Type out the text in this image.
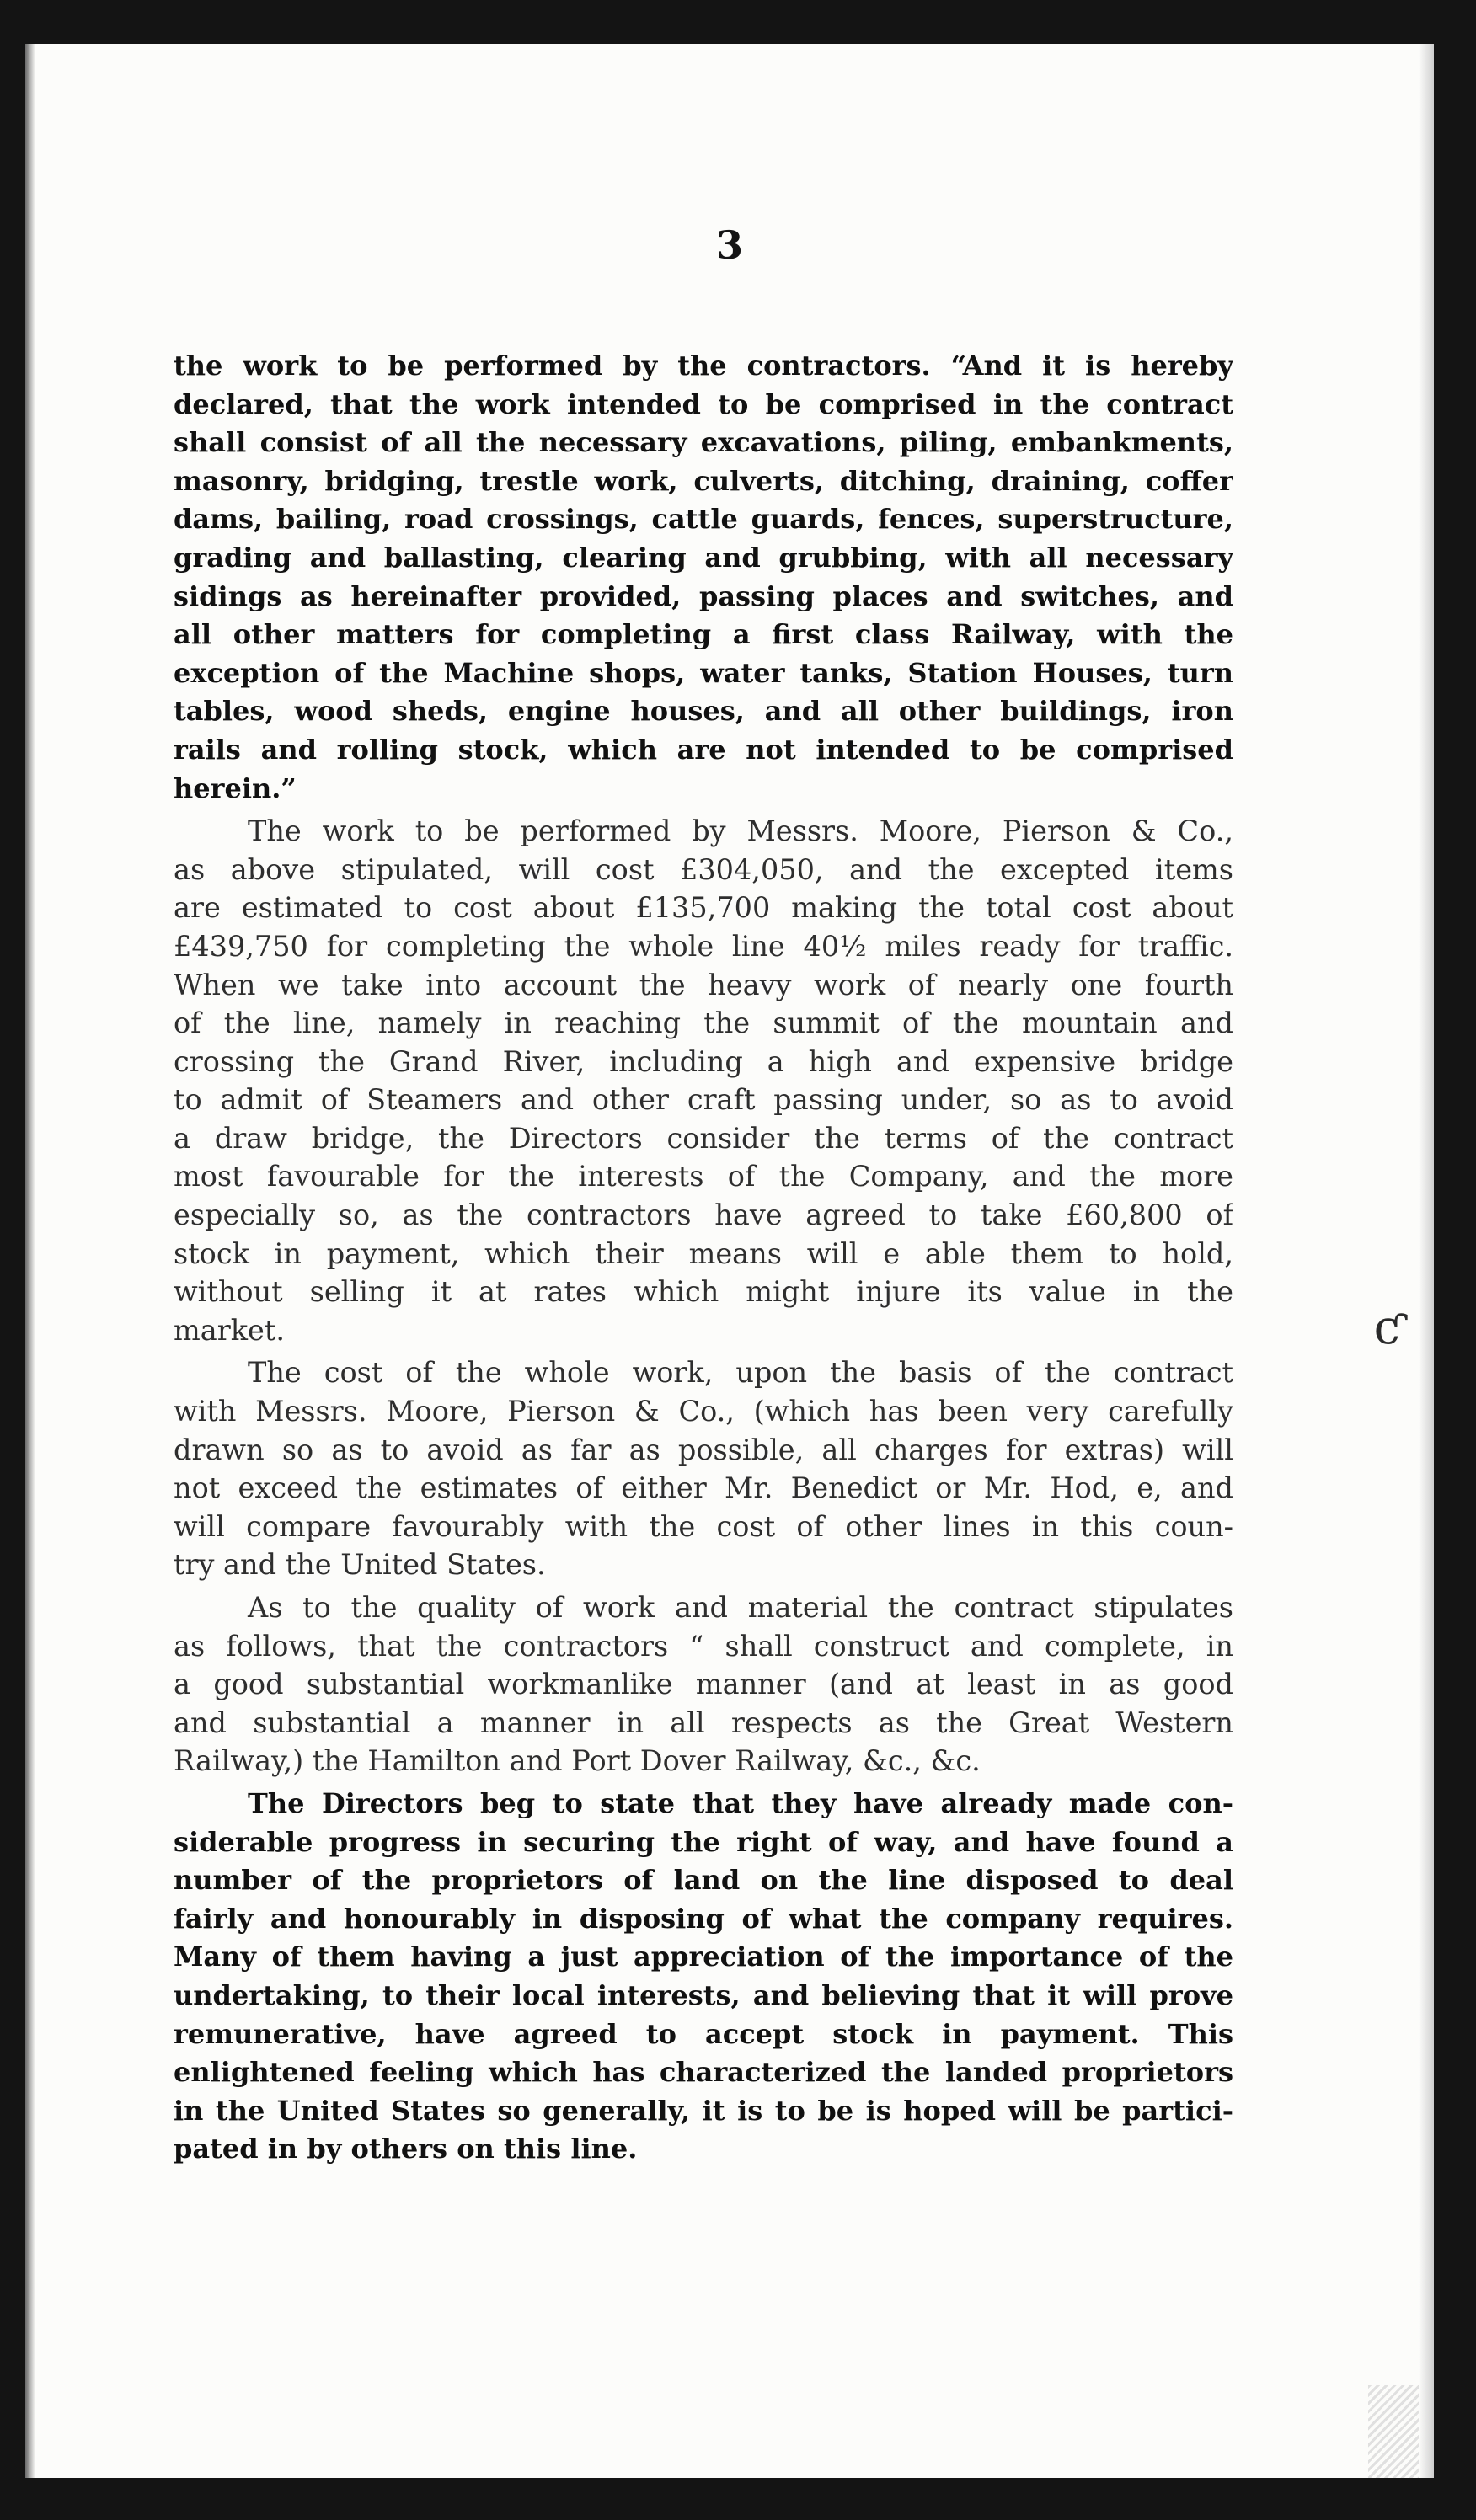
3
the work to be performed by the contractors. “And it is hereby
declared, that the work intended to be comprised in the contract
shall consist of all the necessary excavations, piling, embankments,
masonry, bridging, trestle work, culverts, ditching, draining, coffer
dams, bailing, road crossings, cattle guards, fences, superstructure,
grading and ballasting, clearing and grubbing, with all necessary
sidings as hereinafter provided, passing places and switches, and
all other matters for completing a first class Railway, with the
exception of the Machine shops, water tanks, Station Houses, turn
tables, wood sheds, engine houses, and all other buildings, iron
rails and rolling stock, which are not intended to be comprised
herein.”
The work to be performed by Messrs. Moore, Pierson & Co.,
as above stipulated, will cost £304,050, and the excepted items
are estimated to cost about £135,700 making the total cost about
£439,750 for completing the whole line 40½ miles ready for traffic.
When we take into account the heavy work of nearly one fourth
of the line, namely in reaching the summit of the mountain and
crossing the Grand River, including a high and expensive bridge
to admit of Steamers and other craft passing under, so as to avoid
a draw bridge, the Directors consider the terms of the contract
most favourable for the interests of the Company, and the more
especially so, as the contractors have agreed to take £60,800 of
stock in payment, which their means will e able them to hold,
without selling it at rates which might injure its value in the
market.
The cost of the whole work, upon the basis of the contract
with Messrs. Moore, Pierson & Co., (which has been very carefully
drawn so as to avoid as far as possible, all charges for extras) will
not exceed the estimates of either Mr. Benedict or Mr. Hod, e, and
will compare favourably with the cost of other lines in this coun-
try and the United States.
As to the quality of work and material the contract stipulates
as follows, that the contractors “ shall construct and complete, in
a good substantial workmanlike manner (and at least in as good
and substantial a manner in all respects as the Great Western
Railway,) the Hamilton and Port Dover Railway, &c., &c.
The Directors beg to state that they have already made con-
siderable progress in securing the right of way, and have found a
number of the proprietors of land on the line disposed to deal
fairly and honourably in disposing of what the company requires.
Many of them having a just appreciation of the importance of the
undertaking, to their local interests, and believing that it will prove
remunerative, have agreed to accept stock in payment. This
enlightened feeling which has characterized the landed proprietors
in the United States so generally, it is to be is hoped will be partici-
pated in by others on this line.
ƈ
